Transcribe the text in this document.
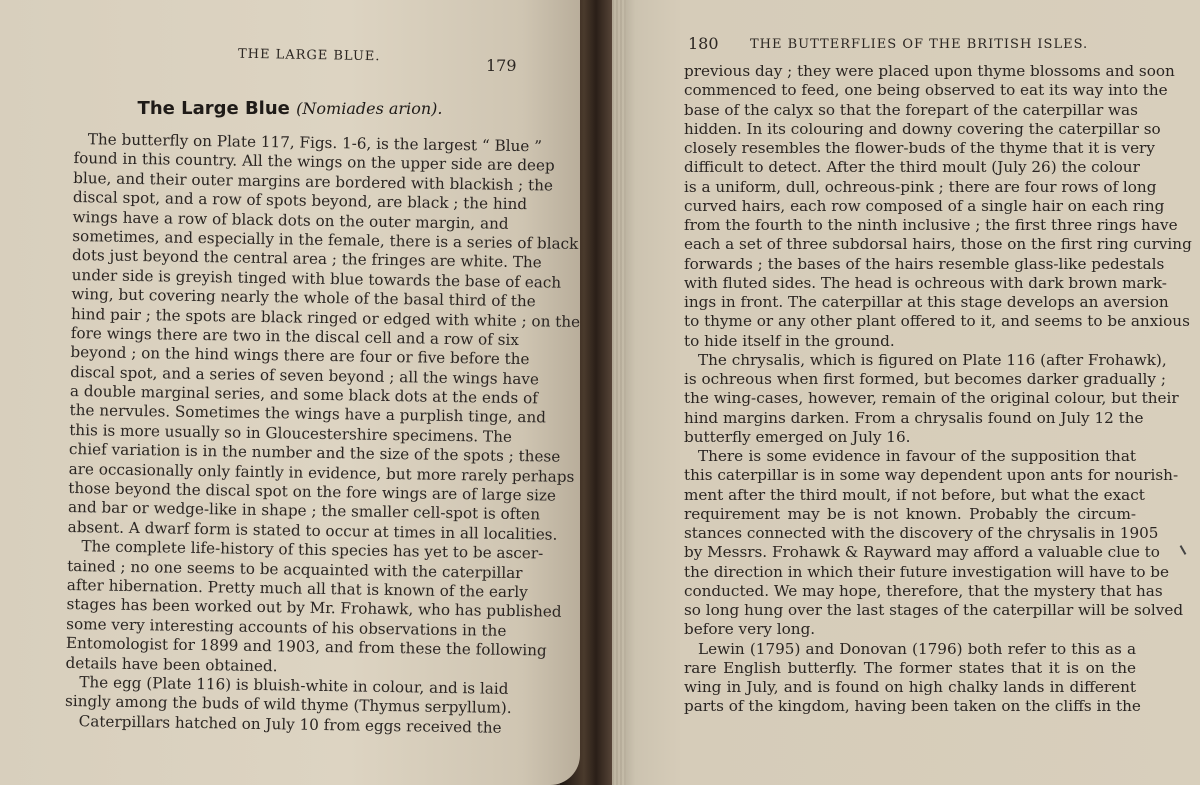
THE LARGE BLUE.
179
The Large Blue (Nomiades arion).
The butterfly on Plate 117, Figs. 1-6, is the largest “ Blue ”
found in this country. All the wings on the upper side are deep
blue, and their outer margins are bordered with blackish ; the
discal spot, and a row of spots beyond, are black ; the hind
wings have a row of black dots on the outer margin, and
sometimes, and especially in the female, there is a series of black
dots just beyond the central area ; the fringes are white. The
under side is greyish tinged with blue towards the base of each
wing, but covering nearly the whole of the basal third of the
hind pair ; the spots are black ringed or edged with white ; on the
fore wings there are two in the discal cell and a row of six
beyond ; on the hind wings there are four or five before the
discal spot, and a series of seven beyond ; all the wings have
a double marginal series, and some black dots at the ends of
the nervules. Sometimes the wings have a purplish tinge, and
this is more usually so in Gloucestershire specimens. The
chief variation is in the number and the size of the spots ; these
are occasionally only faintly in evidence, but more rarely perhaps
those beyond the discal spot on the fore wings are of large size
and bar or wedge-like in shape ; the smaller cell-spot is often
absent. A dwarf form is stated to occur at times in all localities.
The complete life-history of this species has yet to be ascer-
tained ; no one seems to be acquainted with the caterpillar
after hibernation. Pretty much all that is known of the early
stages has been worked out by Mr. Frohawk, who has published
some very interesting accounts of his observations in the
Entomologist for 1899 and 1903, and from these the following
details have been obtained.
The egg (Plate 116) is bluish-white in colour, and is laid
singly among the buds of wild thyme (Thymus serpyllum).
Caterpillars hatched on July 10 from eggs received the
180 THE BUTTERFLIES OF THE BRITISH ISLES.
previous day ; they were placed upon thyme blossoms and soon
commenced to feed, one being observed to eat its way into the
base of the calyx so that the forepart of the caterpillar was
hidden. In its colouring and downy covering the caterpillar so
closely resembles the flower-buds of the thyme that it is very
difficult to detect. After the third moult (July 26) the colour
is a uniform, dull, ochreous-pink ; there are four rows of long
curved hairs, each row composed of a single hair on each ring
from the fourth to the ninth inclusive ; the first three rings have
each a set of three subdorsal hairs, those on the first ring curving
forwards ; the bases of the hairs resemble glass-like pedestals
with fluted sides. The head is ochreous with dark brown mark-
ings in front. The caterpillar at this stage develops an aversion
to thyme or any other plant offered to it, and seems to be anxious
to hide itself in the ground.
The chrysalis, which is figured on Plate 116 (after Frohawk),
is ochreous when first formed, but becomes darker gradually ;
the wing-cases, however, remain of the original colour, but their
hind margins darken. From a chrysalis found on July 12 the
butterfly emerged on July 16.
There is some evidence in favour of the supposition that
this caterpillar is in some way dependent upon ants for nourish-
ment after the third moult, if not before, but what the exact
requirement may be is not known. Probably the circum-
stances connected with the discovery of the chrysalis in 1905
by Messrs. Frohawk & Rayward may afford a valuable clue to
the direction in which their future investigation will have to be
conducted. We may hope, therefore, that the mystery that has
so long hung over the last stages of the caterpillar will be solved
before very long.
Lewin (1795) and Donovan (1796) both refer to this as a
rare English butterfly. The former states that it is on the
wing in July, and is found on high chalky lands in different
parts of the kingdom, having been taken on the cliffs in the
